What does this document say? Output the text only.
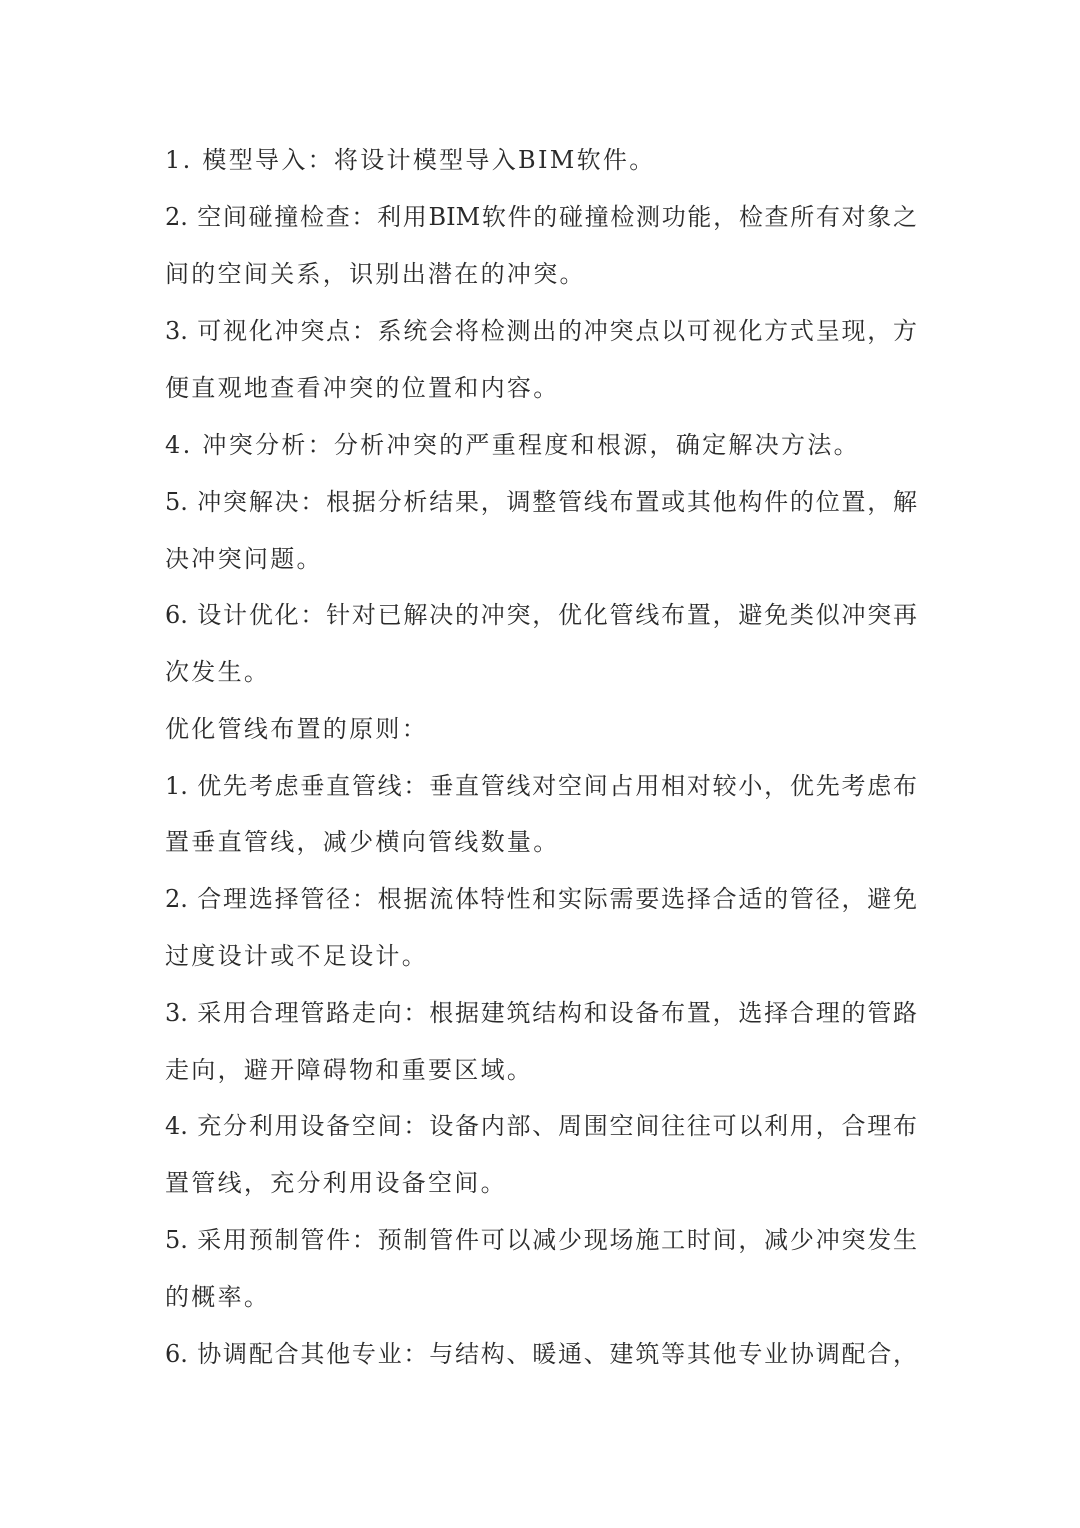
1. 模型导入：将设计模型导入BIM软件。
2. 空间碰撞检查：利用BIM软件的碰撞检测功能，检查所有对象之
间的空间关系，识别出潜在的冲突。
3. 可视化冲突点：系统会将检测出的冲突点以可视化方式呈现，方
便直观地查看冲突的位置和内容。
4. 冲突分析：分析冲突的严重程度和根源，确定解决方法。
5. 冲突解决：根据分析结果，调整管线布置或其他构件的位置，解
决冲突问题。
6. 设计优化：针对已解决的冲突，优化管线布置，避免类似冲突再
次发生。
优化管线布置的原则：
1. 优先考虑垂直管线：垂直管线对空间占用相对较小，优先考虑布
置垂直管线，减少横向管线数量。
2. 合理选择管径：根据流体特性和实际需要选择合适的管径，避免
过度设计或不足设计。
3. 采用合理管路走向：根据建筑结构和设备布置，选择合理的管路
走向，避开障碍物和重要区域。
4. 充分利用设备空间：设备内部、周围空间往往可以利用，合理布
置管线，充分利用设备空间。
5. 采用预制管件：预制管件可以减少现场施工时间，减少冲突发生
的概率。
6. 协调配合其他专业：与结构、暖通、建筑等其他专业协调配合，
